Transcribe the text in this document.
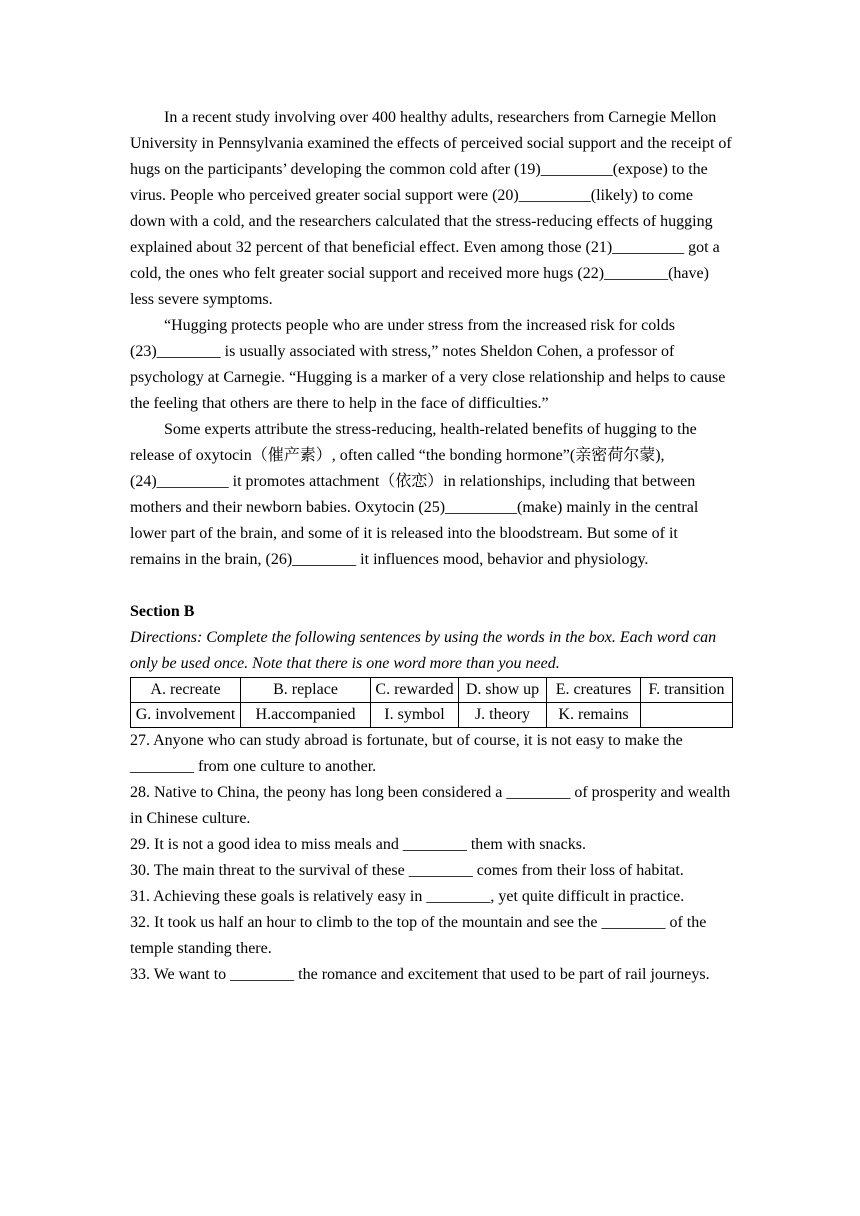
In a recent study involving over 400 healthy adults, researchers from Carnegie Mellon University in Pennsylvania examined the effects of perceived social support and the receipt of hugs on the participants’ developing the common cold after (19)_________(expose) to the virus. People who perceived greater social support were (20)_________(likely) to come down with a cold, and the researchers calculated that the stress-reducing effects of hugging explained about 32 percent of that beneficial effect. Even among those (21)_________ got a cold, the ones who felt greater social support and received more hugs (22)________(have) less severe symptoms.

“Hugging protects people who are under stress from the increased risk for colds (23)________ is usually associated with stress,” notes Sheldon Cohen, a professor of psychology at Carnegie. “Hugging is a marker of a very close relationship and helps to cause the feeling that others are there to help in the face of difficulties.”

Some experts attribute the stress-reducing, health-related benefits of hugging to the release of oxytocin（催产素）, often called “the bonding hormone”(亲密荷尔蒙), (24)_________ it promotes attachment（依恋）in relationships, including that between mothers and their newborn babies. Oxytocin (25)_________(make) mainly in the central lower part of the brain, and some of it is released into the bloodstream. But some of it remains in the brain, (26)________ it influences mood, behavior and physiology.

Section B

Directions: Complete the following sentences by using the words in the box. Each word can only be used once. Note that there is one word more than you need.

A. recreate	B. replace	C. rewarded	D. show up	E. creatures	F. transition
G. involvement	H.accompanied	I. symbol	J. theory	K. remains	

27. Anyone who can study abroad is fortunate, but of course, it is not easy to make the ________ from one culture to another.

28. Native to China, the peony has long been considered a ________ of prosperity and wealth in Chinese culture.

29. It is not a good idea to miss meals and ________ them with snacks.

30. The main threat to the survival of these ________ comes from their loss of habitat.

31. Achieving these goals is relatively easy in ________, yet quite difficult in practice.

32. It took us half an hour to climb to the top of the mountain and see the ________ of the temple standing there.

33. We want to ________ the romance and excitement that used to be part of rail journeys.
